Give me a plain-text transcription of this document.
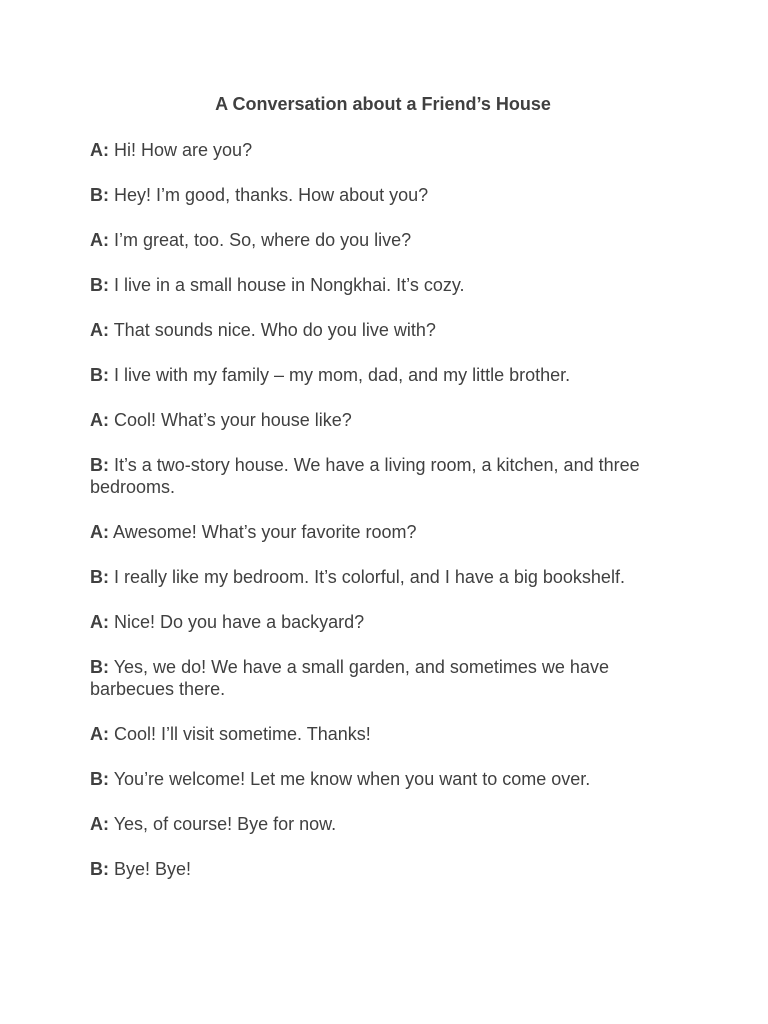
A Conversation about a Friend’s House

A: Hi! How are you?

B: Hey! I’m good, thanks. How about you?

A: I’m great, too. So, where do you live?

B: I live in a small house in Nongkhai. It’s cozy.

A: That sounds nice. Who do you live with?

B: I live with my family – my mom, dad, and my little brother.

A: Cool! What’s your house like?

B: It’s a two-story house. We have a living room, a kitchen, and three bedrooms.

A: Awesome! What’s your favorite room?

B: I really like my bedroom. It’s colorful, and I have a big bookshelf.

A: Nice! Do you have a backyard?

B: Yes, we do! We have a small garden, and sometimes we have barbecues there.

A: Cool! I’ll visit sometime. Thanks!

B: You’re welcome! Let me know when you want to come over.

A: Yes, of course! Bye for now.

B: Bye! Bye!
